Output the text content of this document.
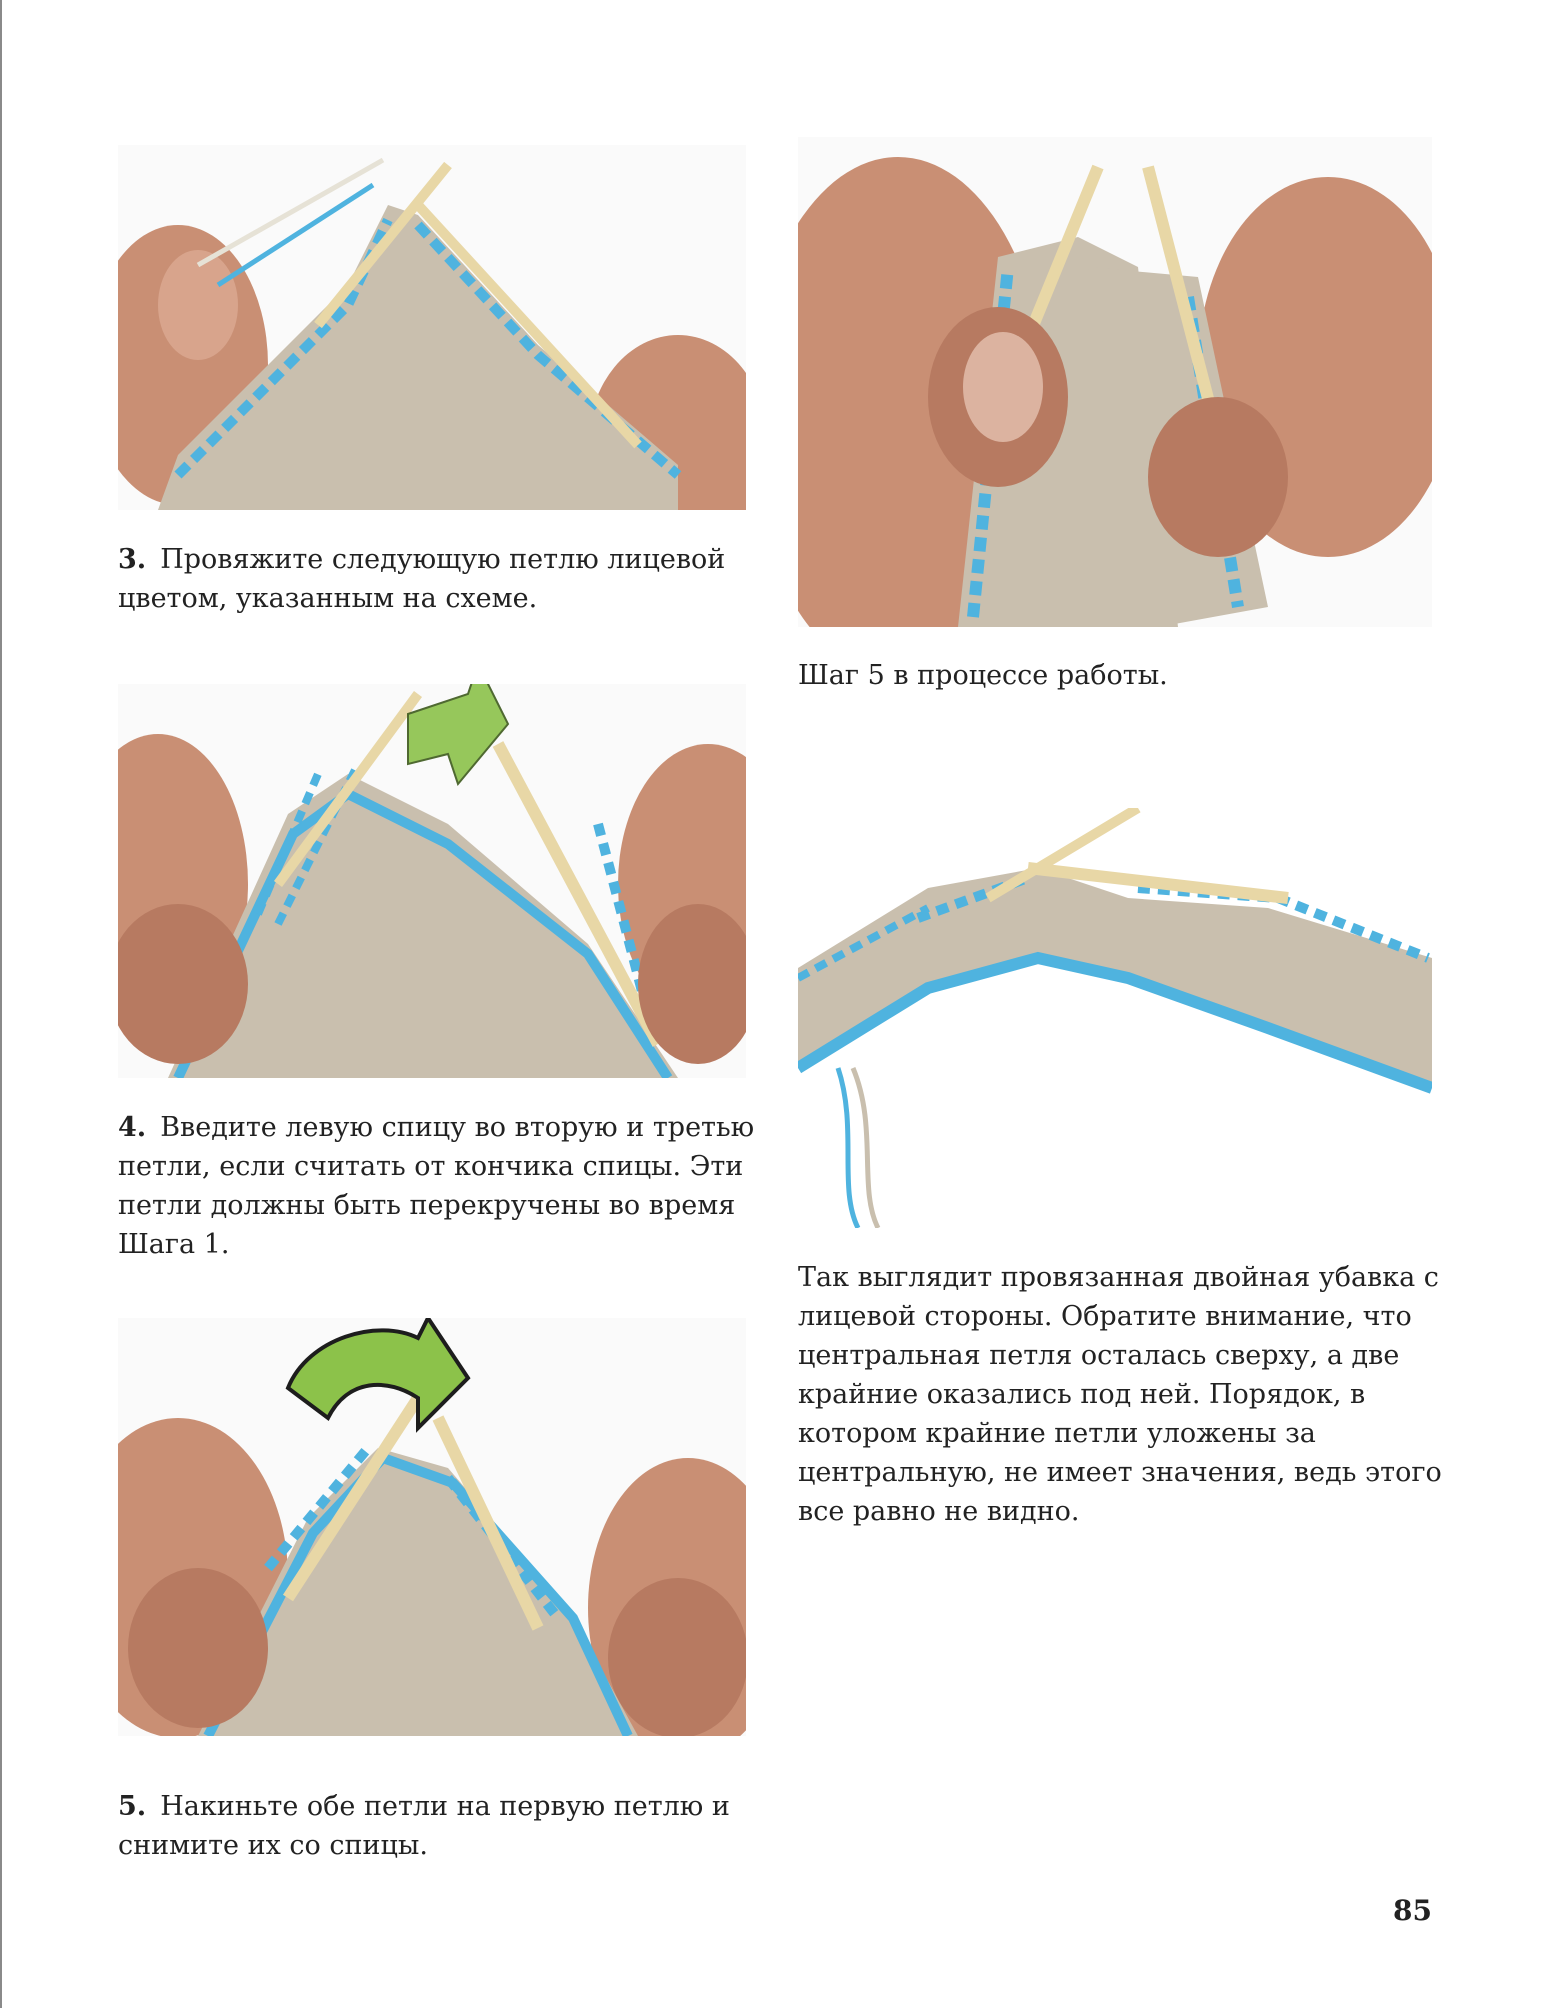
3. Провяжите следующую петлю лицевой цветом, указанным на схеме.

Шаг 5 в процессе работы.

4. Введите левую спицу во вторую и третью петли, если считать от кончика спицы. Эти петли должны быть перекручены во время Шага 1.

Так выглядит провязанная двойная убавка с лицевой стороны. Обратите внимание, что центральная петля осталась сверху, а две крайние оказались под ней. Порядок, в котором крайние петли уложены за центральную, не имеет значения, ведь этого все равно не видно.

5. Накиньте обе петли на первую петлю и снимите их со спицы.

85
